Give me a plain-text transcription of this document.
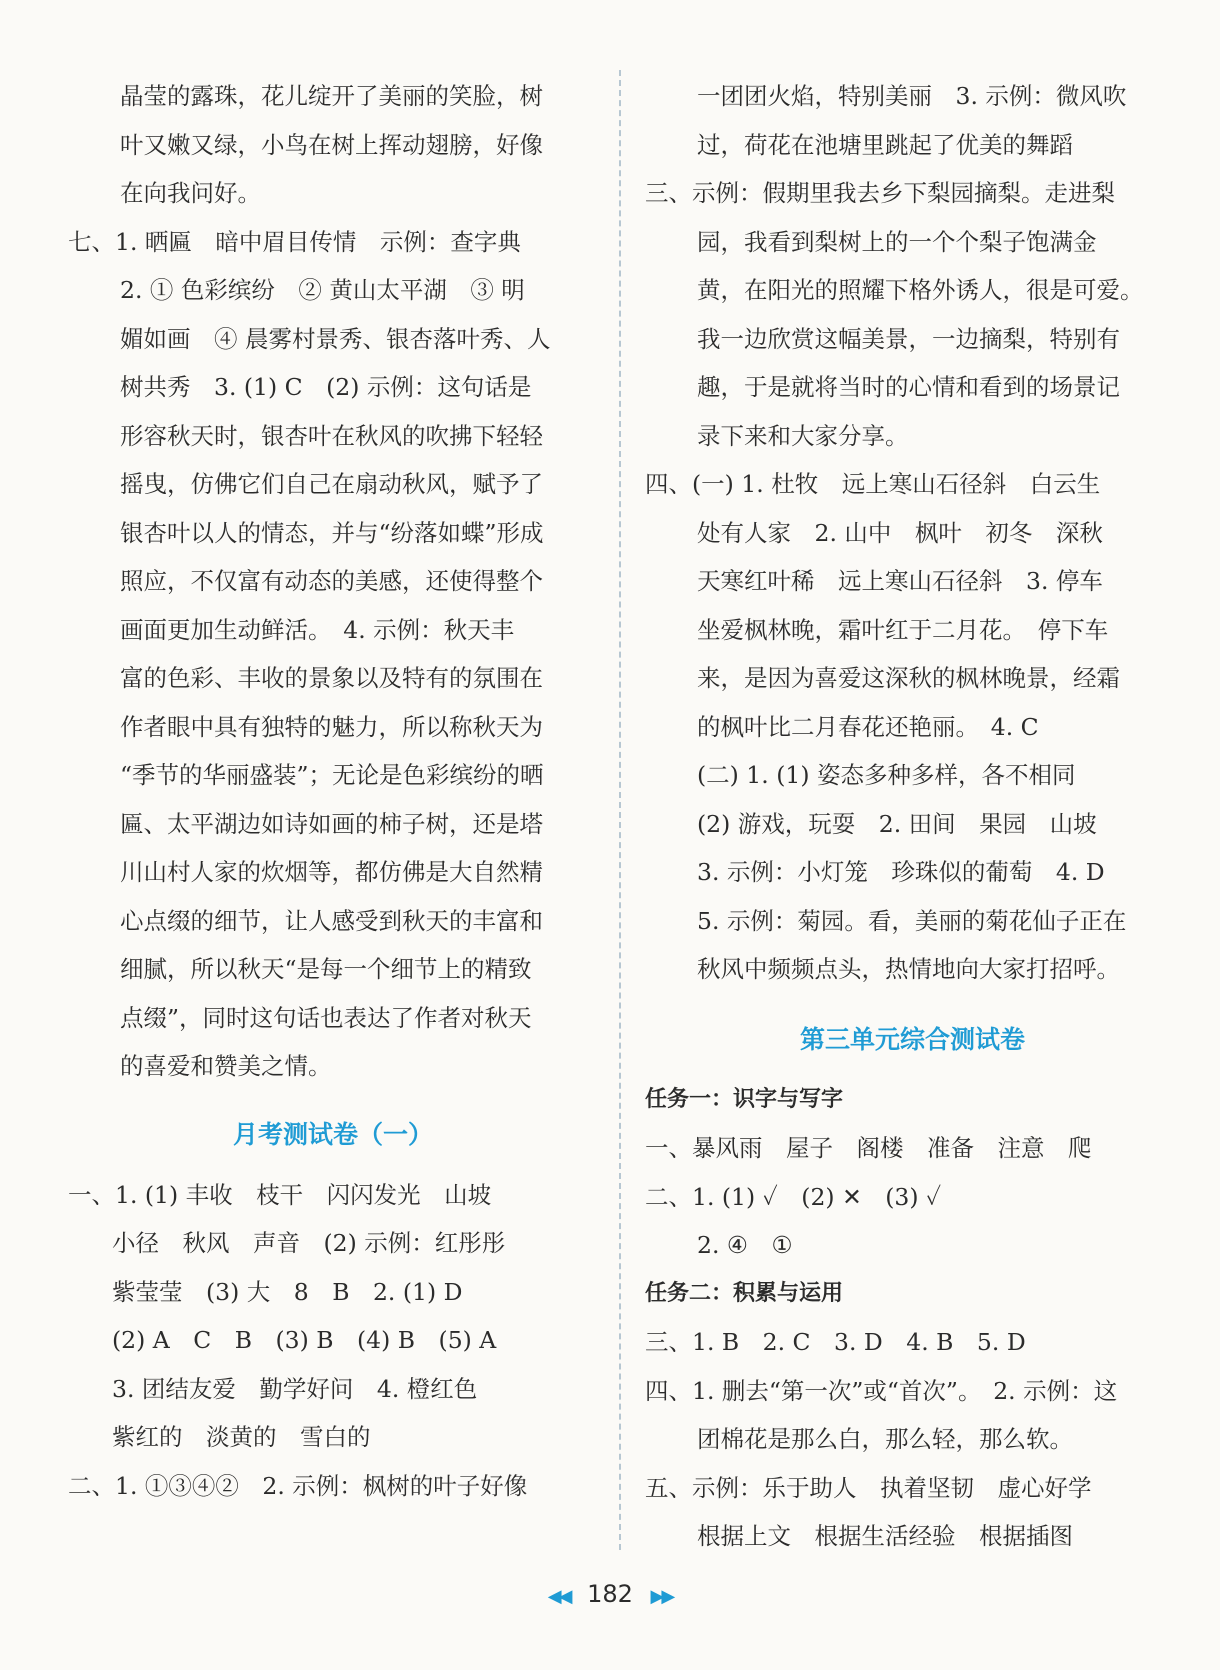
晶莹的露珠，花儿绽开了美丽的笑脸，树
叶又嫩又绿，小鸟在树上挥动翅膀，好像
在向我问好。
七、1. 晒匾　暗中眉目传情　示例：查字典
2. ① 色彩缤纷　② 黄山太平湖　③ 明
媚如画　④ 晨雾村景秀、银杏落叶秀、人
树共秀　3. (1) C　(2) 示例：这句话是
形容秋天时，银杏叶在秋风的吹拂下轻轻
摇曳，仿佛它们自己在扇动秋风，赋予了
银杏叶以人的情态，并与“纷落如蝶”形成
照应，不仅富有动态的美感，还使得整个
画面更加生动鲜活。　4. 示例：秋天丰
富的色彩、丰收的景象以及特有的氛围在
作者眼中具有独特的魅力，所以称秋天为
“季节的华丽盛装”；无论是色彩缤纷的晒
匾、太平湖边如诗如画的柿子树，还是塔
川山村人家的炊烟等，都仿佛是大自然精
心点缀的细节，让人感受到秋天的丰富和
细腻，所以秋天“是每一个细节上的精致
点缀”，同时这句话也表达了作者对秋天
的喜爱和赞美之情。
月考测试卷（一）
一、1. (1) 丰收　枝干　闪闪发光　山坡
小径　秋风　声音　(2) 示例：红彤彤
紫莹莹　(3) 大　8　B　2. (1) D
(2) A　C　B　(3) B　(4) B　(5) A
3. 团结友爱　勤学好问　4. 橙红色
紫红的　淡黄的　雪白的
二、1. ①③④②　2. 示例：枫树的叶子好像
一团团火焰，特别美丽　3. 示例：微风吹
过，荷花在池塘里跳起了优美的舞蹈
三、示例：假期里我去乡下梨园摘梨。走进梨
园，我看到梨树上的一个个梨子饱满金
黄，在阳光的照耀下格外诱人，很是可爱。
我一边欣赏这幅美景，一边摘梨，特别有
趣，于是就将当时的心情和看到的场景记
录下来和大家分享。
四、(一) 1. 杜牧　远上寒山石径斜　白云生
处有人家　2. 山中　枫叶　初冬　深秋
天寒红叶稀　远上寒山石径斜　3. 停车
坐爱枫林晚，霜叶红于二月花。　停下车
来，是因为喜爱这深秋的枫林晚景，经霜
的枫叶比二月春花还艳丽。　4. C
(二) 1. (1) 姿态多种多样，各不相同
(2) 游戏，玩耍　2. 田间　果园　山坡
3. 示例：小灯笼　珍珠似的葡萄　4. D
5. 示例：菊园。看，美丽的菊花仙子正在
秋风中频频点头，热情地向大家打招呼。
第三单元综合测试卷
任务一：识字与写字
一、暴风雨　屋子　阁楼　准备　注意　爬
二、1. (1) ✓　(2) ✕　(3) ✓
2. ④　①
任务二：积累与运用
三、1. B　2. C　3. D　4. B　5. D
四、1. 删去“第一次”或“首次”。　2. 示例：这
团棉花是那么白，那么轻，那么软。
五、示例：乐于助人　执着坚韧　虚心好学
根据上文　根据生活经验　根据插图
◀◀ 182 ▶▶
